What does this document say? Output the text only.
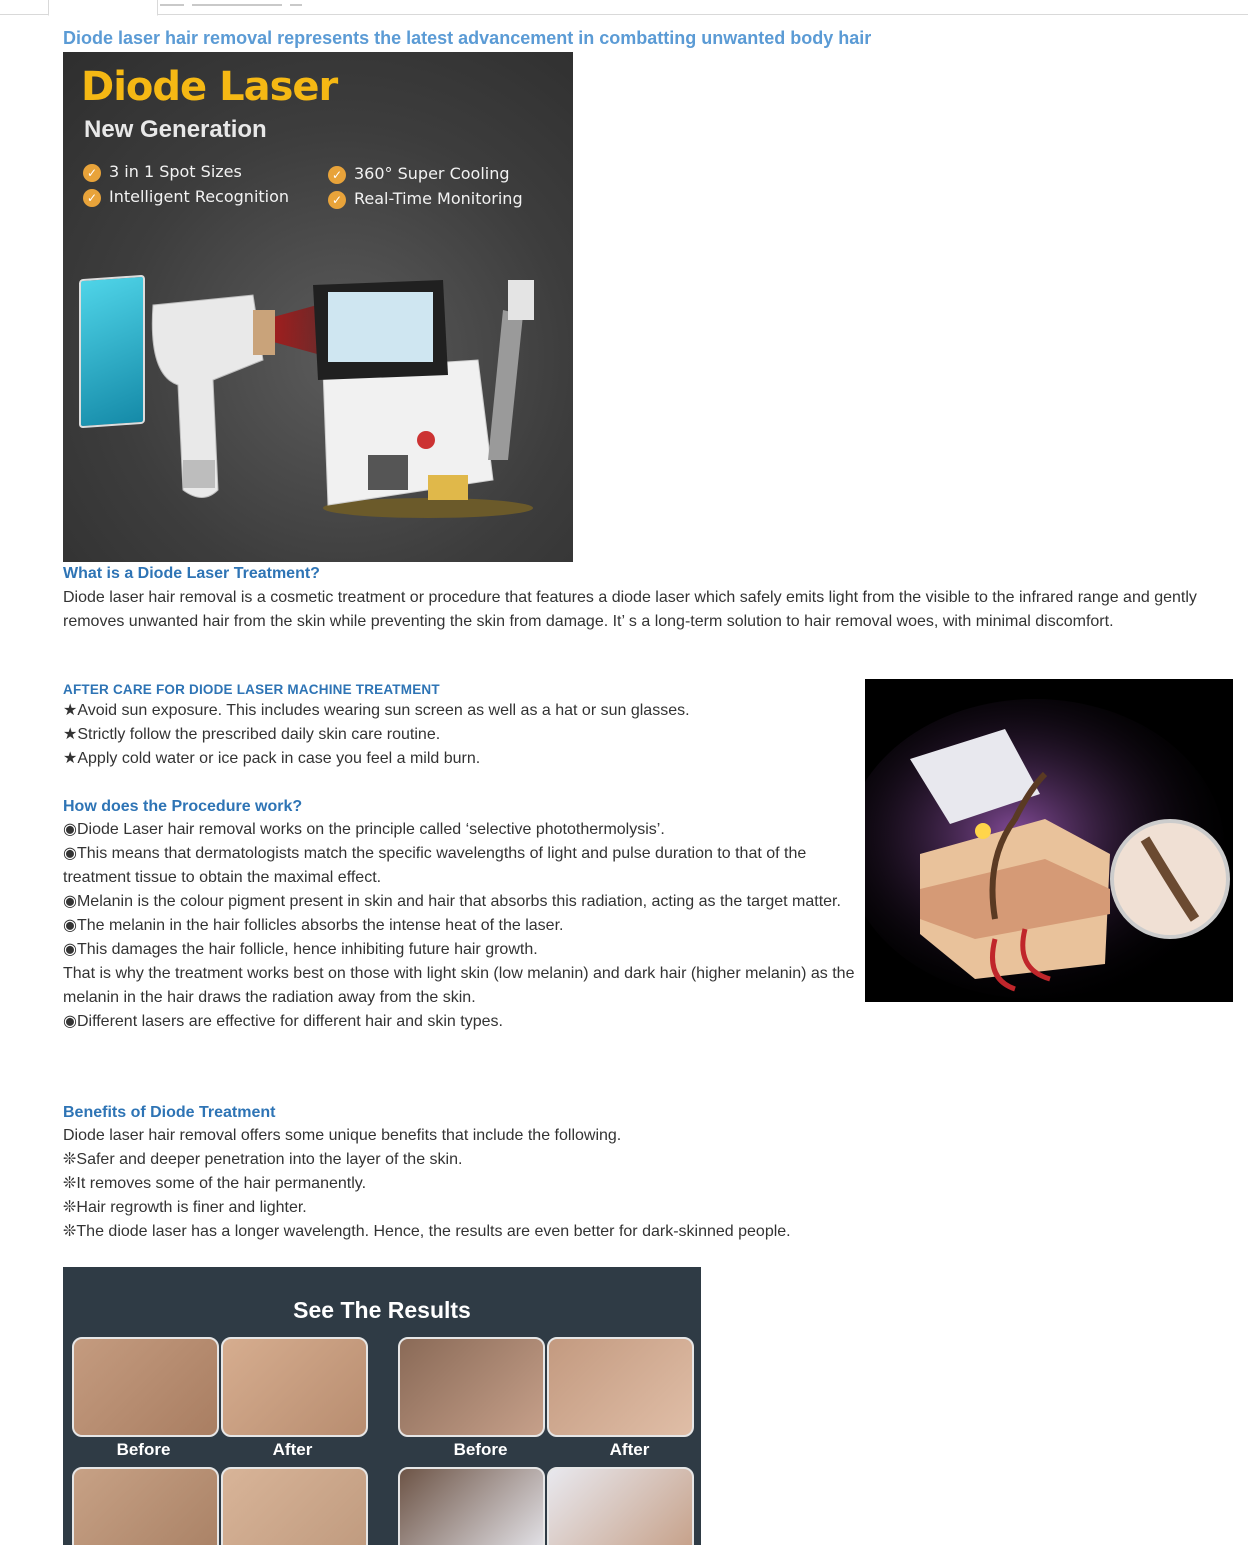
Diode laser hair removal represents the latest advancement in combatting unwanted body hair
Diode Laser
New Generation
✓ 3 in 1 Spot Sizes
✓ Intelligent Recognition
✓ 360° Super Cooling
✓ Real-Time Monitoring
What is a Diode Laser Treatment?

Diode laser hair removal is a cosmetic treatment or procedure that features a diode laser which safely emits light from the visible to the infrared range and gently removes unwanted hair from the skin while preventing the skin from damage. It’ s a long-term solution to hair removal woes, with minimal discomfort.

AFTER CARE FOR DIODE LASER MACHINE TREATMENT

★Avoid sun exposure. This includes wearing sun screen as well as a hat or sun glasses.

★Strictly follow the prescribed daily skin care routine.

★Apply cold water or ice pack in case you feel a mild burn.

How does the Procedure work?

◉Diode Laser hair removal works on the principle called ‘selective photothermolysis’.

◉This means that dermatologists match the specific wavelengths of light and pulse duration to that of the treatment tissue to obtain the maximal effect.

◉Melanin is the colour pigment present in skin and hair that absorbs this radiation, acting as the target matter.

◉The melanin in the hair follicles absorbs the intense heat of the laser.

◉This damages the hair follicle, hence inhibiting future hair growth.

That is why the treatment works best on those with light skin (low melanin) and dark hair (higher melanin) as the melanin in the hair draws the radiation away from the skin.

◉Different lasers are effective for different hair and skin types.

Benefits of Diode Treatment

Diode laser hair removal offers some unique benefits that include the following.

❊Safer and deeper penetration into the layer of the skin.

❊It removes some of the hair permanently.

❊Hair regrowth is finer and lighter.

❊The diode laser has a longer wavelength. Hence, the results are even better for dark-skinned people.

See The Results
Before	After	Before	After
